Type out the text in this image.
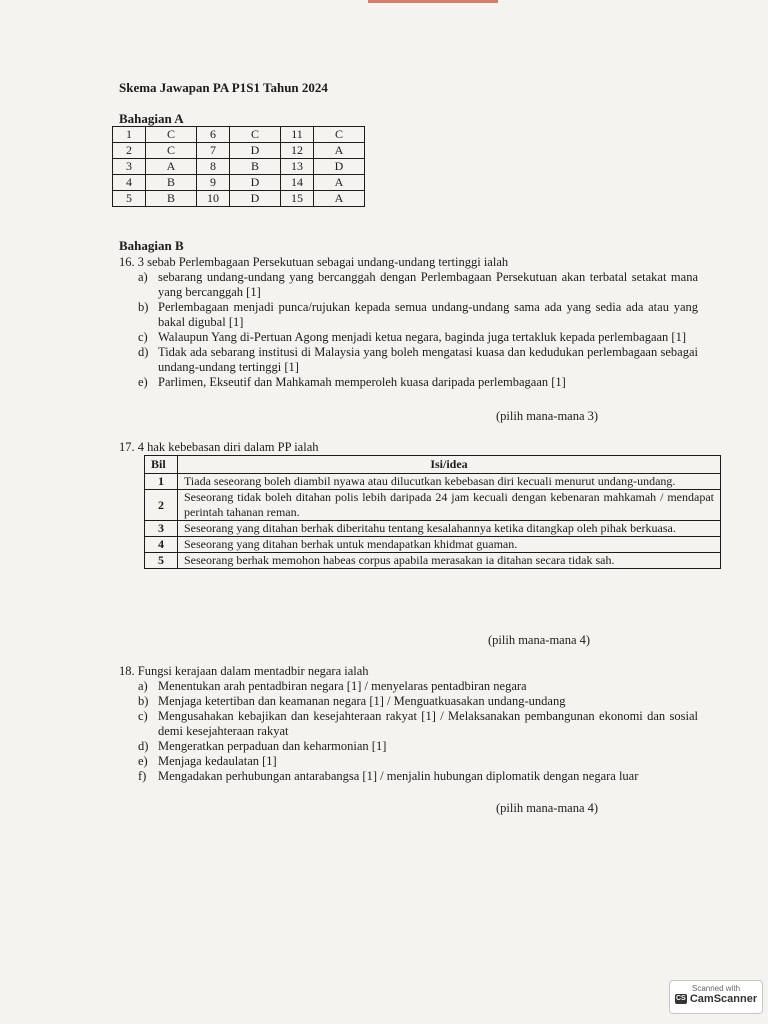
Skema Jawapan PA P1S1 Tahun 2024
Bahagian A
1	C	6	C	11	C
2	C	7	D	12	A
3	A	8	B	13	D
4	B	9	D	14	A
5	B	10	D	15	A
Bahagian B
16. 3 sebab Perlembagaan Persekutuan sebagai undang-undang tertinggi ialah
a) sebarang undang-undang yang bercanggah dengan Perlembagaan Persekutuan akan terbatal setakat mana yang bercanggah [1]
b) Perlembagaan menjadi punca/rujukan kepada semua undang-undang sama ada yang sedia ada atau yang bakal digubal [1]
c) Walaupun Yang di-Pertuan Agong menjadi ketua negara, baginda juga tertakluk kepada perlembagaan [1]
d) Tidak ada sebarang institusi di Malaysia yang boleh mengatasi kuasa dan kedudukan perlembagaan sebagai undang-undang tertinggi [1]
e) Parlimen, Ekseutif dan Mahkamah memperoleh kuasa daripada perlembagaan [1]
(pilih mana-mana 3)
17. 4 hak kebebasan diri dalam PP ialah
Bil	Isi/idea
1	Tiada seseorang boleh diambil nyawa atau dilucutkan kebebasan diri kecuali menurut undang-undang.
2	Seseorang tidak boleh ditahan polis lebih daripada 24 jam kecuali dengan kebenaran mahkamah / mendapat perintah tahanan reman.
3	Seseorang yang ditahan berhak diberitahu tentang kesalahannya ketika ditangkap oleh pihak berkuasa.
4	Seseorang yang ditahan berhak untuk mendapatkan khidmat guaman.
5	Seseorang berhak memohon habeas corpus apabila merasakan ia ditahan secara tidak sah.
(pilih mana-mana 4)
18. Fungsi kerajaan dalam mentadbir negara ialah
a) Menentukan arah pentadbiran negara [1] / menyelaras pentadbiran negara
b) Menjaga ketertiban dan keamanan negara [1] / Menguatkuasakan undang-undang
c) Mengusahakan kebajikan dan kesejahteraan rakyat [1] / Melaksanakan pembangunan ekonomi dan sosial demi kesejahteraan rakyat
d) Mengeratkan perpaduan dan keharmonian [1]
e) Menjaga kedaulatan [1]
f) Mengadakan perhubungan antarabangsa [1] / menjalin hubungan diplomatik dengan negara luar
(pilih mana-mana 4)
Scanned with
CS CamScanner
